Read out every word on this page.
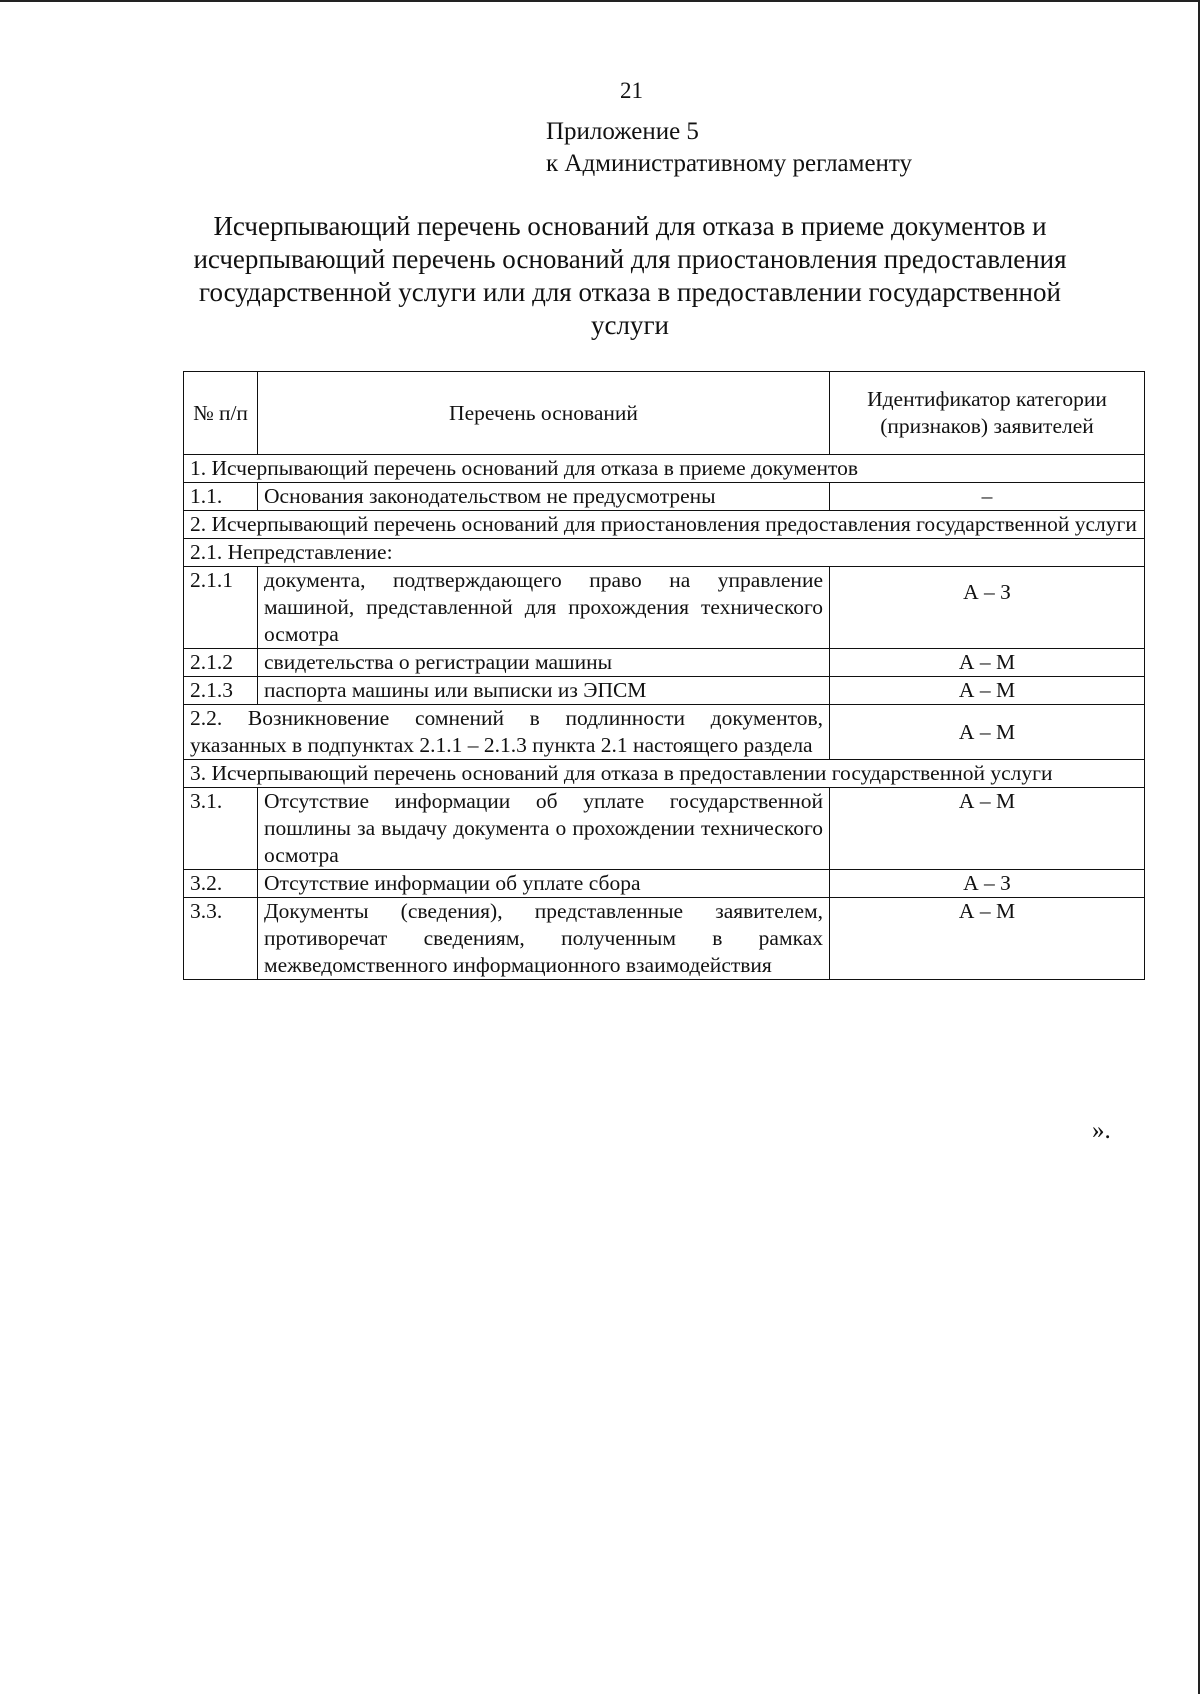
21
Приложение 5
к Административному регламенту
Исчерпывающий перечень оснований для отказа в приеме документов и исчерпывающий перечень оснований для приостановления предоставления государственной услуги или для отказа в предоставлении государственной услуги
№ п/п	Перечень оснований	Идентификатор категории (признаков) заявителей
1. Исчерпывающий перечень оснований для отказа в приеме документов		
1.1.	Основания законодательством не предусмотрены	–
2. Исчерпывающий перечень оснований для приостановления предоставления государственной услуги		
2.1. Непредставление:		
2.1.1	документа, подтверждающего право на управление машиной, представленной для прохождения технического осмотра	А – З
2.1.2	свидетельства о регистрации машины	А – М
2.1.3	паспорта машины или выписки из ЭПСМ	А – М
2.2. Возникновение сомнений в подлинности документов, указанных в подпунктах 2.1.1 – 2.1.3 пункта 2.1 настоящего раздела		А – М
3. Исчерпывающий перечень оснований для отказа в предоставлении государственной услуги		
3.1.	Отсутствие информации об уплате государственной пошлины за выдачу документа о прохождении технического осмотра	А – М
3.2.	Отсутствие информации об уплате сбора	А – З
3.3.	Документы (сведения), представленные заявителем, противоречат сведениям, полученным в рамках межведомственного информационного взаимодействия	А – М
».
